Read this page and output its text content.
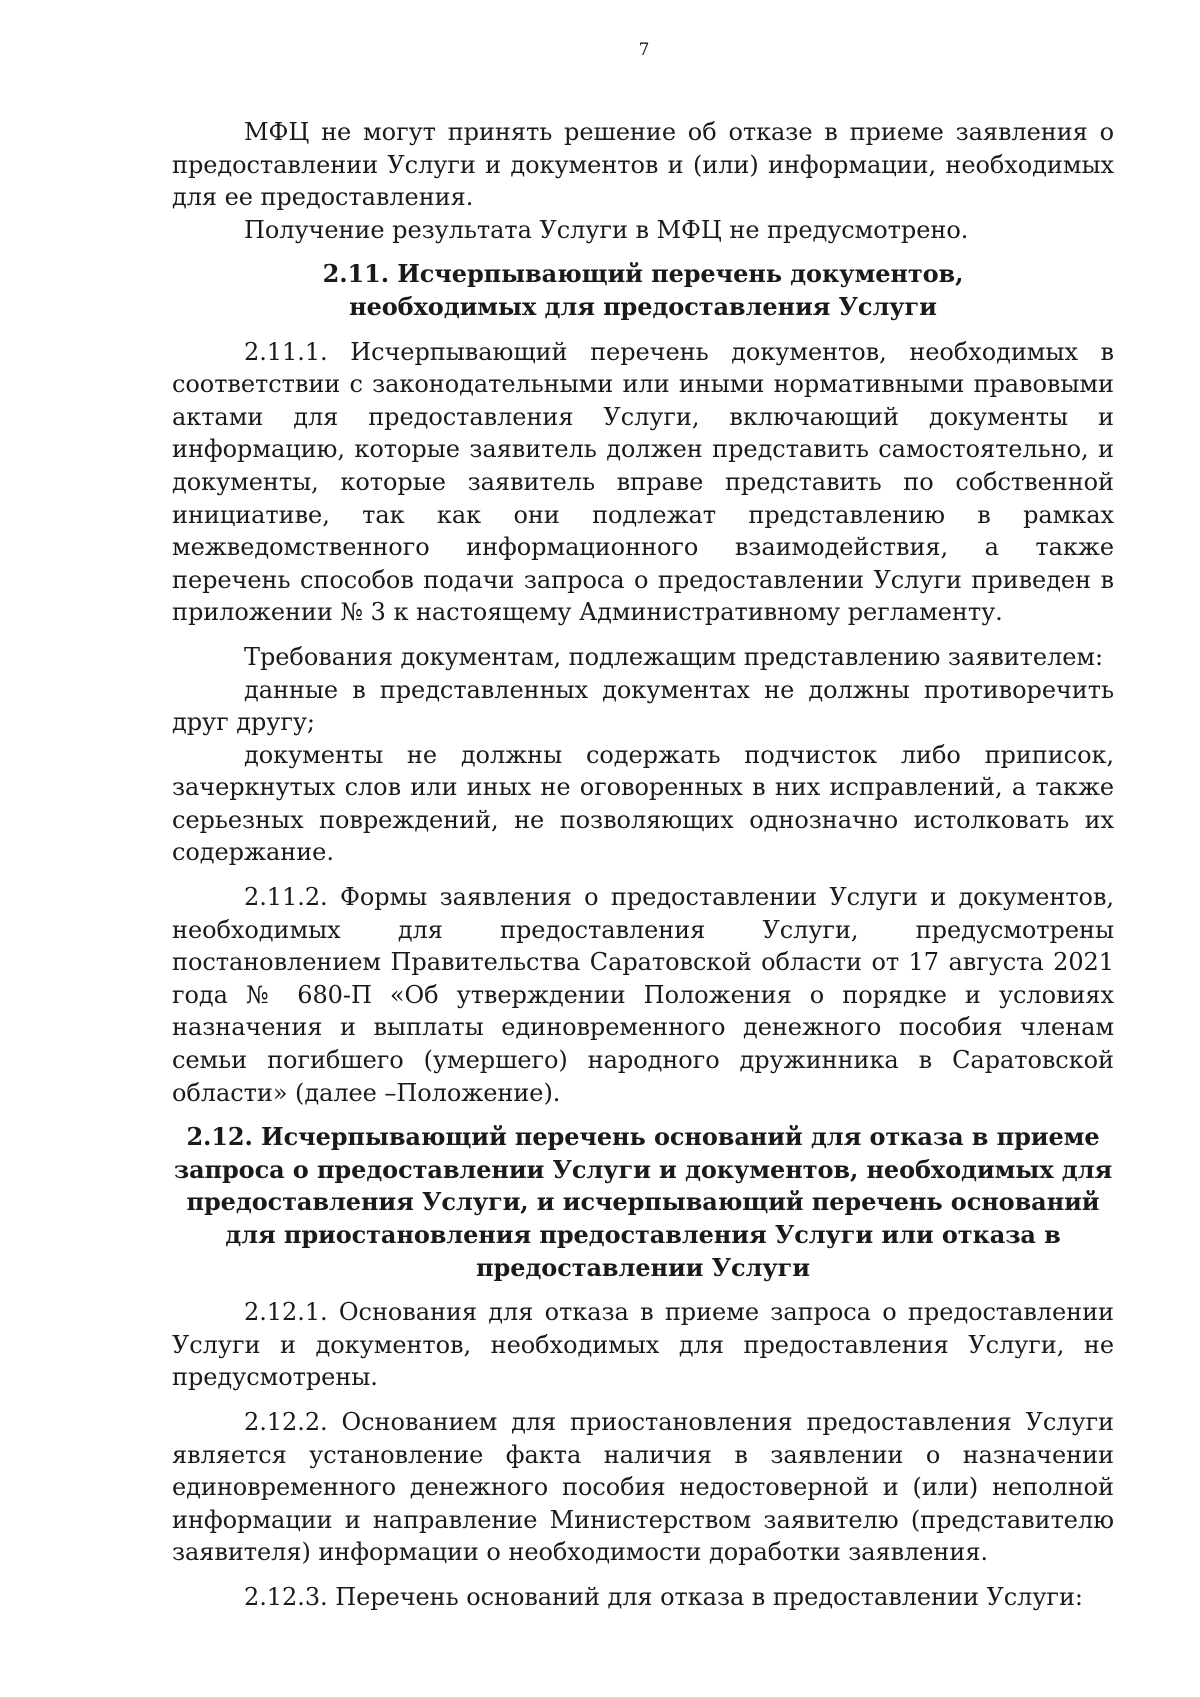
7

МФЦ не могут принять решение об отказе в приеме заявления о предоставлении Услуги и документов и (или) информации, необходимых для ее предоставления.

Получение результата Услуги в МФЦ не предусмотрено.

2.11. Исчерпывающий перечень документов, необходимых для предоставления Услуги

2.11.1. Исчерпывающий перечень документов, необходимых в соответствии с законодательными или иными нормативными правовыми актами для предоставления Услуги, включающий документы и информацию, которые заявитель должен представить самостоятельно, и документы, которые заявитель вправе представить по собственной инициативе, так как они подлежат представлению в рамках межведомственного информационного взаимодействия, а также перечень способов подачи запроса о предоставлении Услуги приведен в приложении № 3 к настоящему Административному регламенту.

Требования документам, подлежащим представлению заявителем:

данные в представленных документах не должны противоречить друг другу;

документы не должны содержать подчисток либо приписок, зачеркнутых слов или иных не оговоренных в них исправлений, а также серьезных повреждений, не позволяющих однозначно истолковать их содержание.

2.11.2. Формы заявления о предоставлении Услуги и документов, необходимых для предоставления Услуги, предусмотрены постановлением Правительства Саратовской области от 17 августа 2021 года № 680-П «Об утверждении Положения о порядке и условиях назначения и выплаты единовременного денежного пособия членам семьи погибшего (умершего) народного дружинника в Саратовской области» (далее –Положение).

2.12. Исчерпывающий перечень оснований для отказа в приеме запроса о предоставлении Услуги и документов, необходимых для предоставления Услуги, и исчерпывающий перечень оснований для приостановления предоставления Услуги или отказа в предоставлении Услуги

2.12.1. Основания для отказа в приеме запроса о предоставлении Услуги и документов, необходимых для предоставления Услуги, не предусмотрены.

2.12.2. Основанием для приостановления предоставления Услуги является установление факта наличия в заявлении о назначении единовременного денежного пособия недостоверной и (или) неполной информации и направление Министерством заявителю (представителю заявителя) информации о необходимости доработки заявления.

2.12.3. Перечень оснований для отказа в предоставлении Услуги:
